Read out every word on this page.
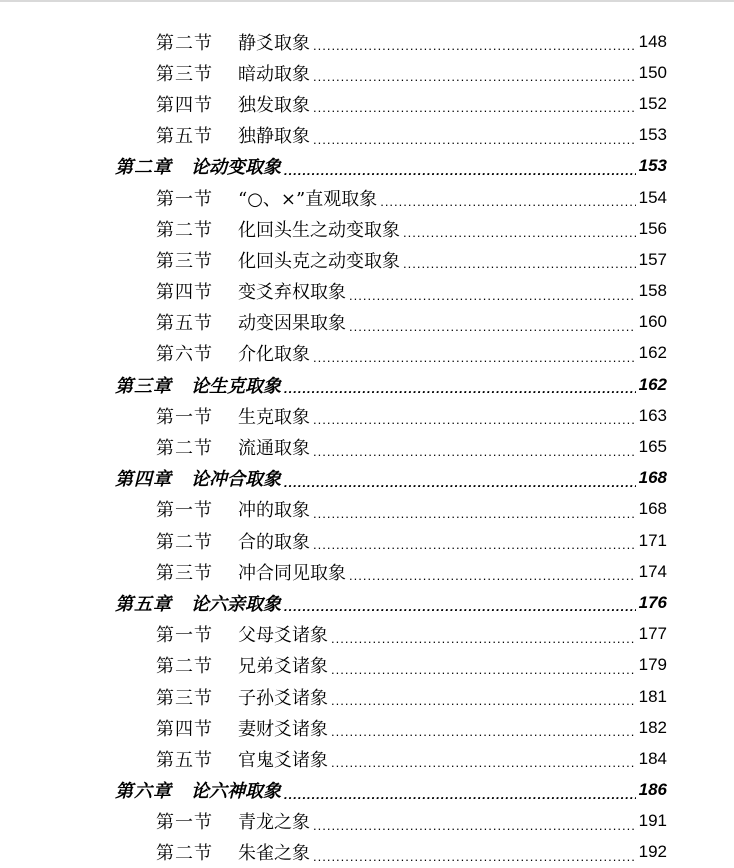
第二节	静爻取象 .....	148
第三节	暗动取象 .....	150
第四节	独发取象 .....	152
第五节	独静取象 .....	153
第二章	论动变取象 .....	153
第一节	“○、×”直观取象 .....	154
第二节	化回头生之动变取象 .....	156
第三节	化回头克之动变取象 .....	157
第四节	变爻弃权取象 .....	158
第五节	动变因果取象 .....	160
第六节	介化取象 .....	162
第三章	论生克取象 .....	162
第一节	生克取象 .....	163
第二节	流通取象 .....	165
第四章	论冲合取象 .....	168
第一节	冲的取象 .....	168
第二节	合的取象 .....	171
第三节	冲合同见取象 .....	174
第五章	论六亲取象 .....	176
第一节	父母爻诸象 .....	177
第二节	兄弟爻诸象 .....	179
第三节	子孙爻诸象 .....	181
第四节	妻财爻诸象 .....	182
第五节	官鬼爻诸象 .....	184
第六章	论六神取象 .....	186
第一节	青龙之象 .....	191
第二节	朱雀之象 .....	192
